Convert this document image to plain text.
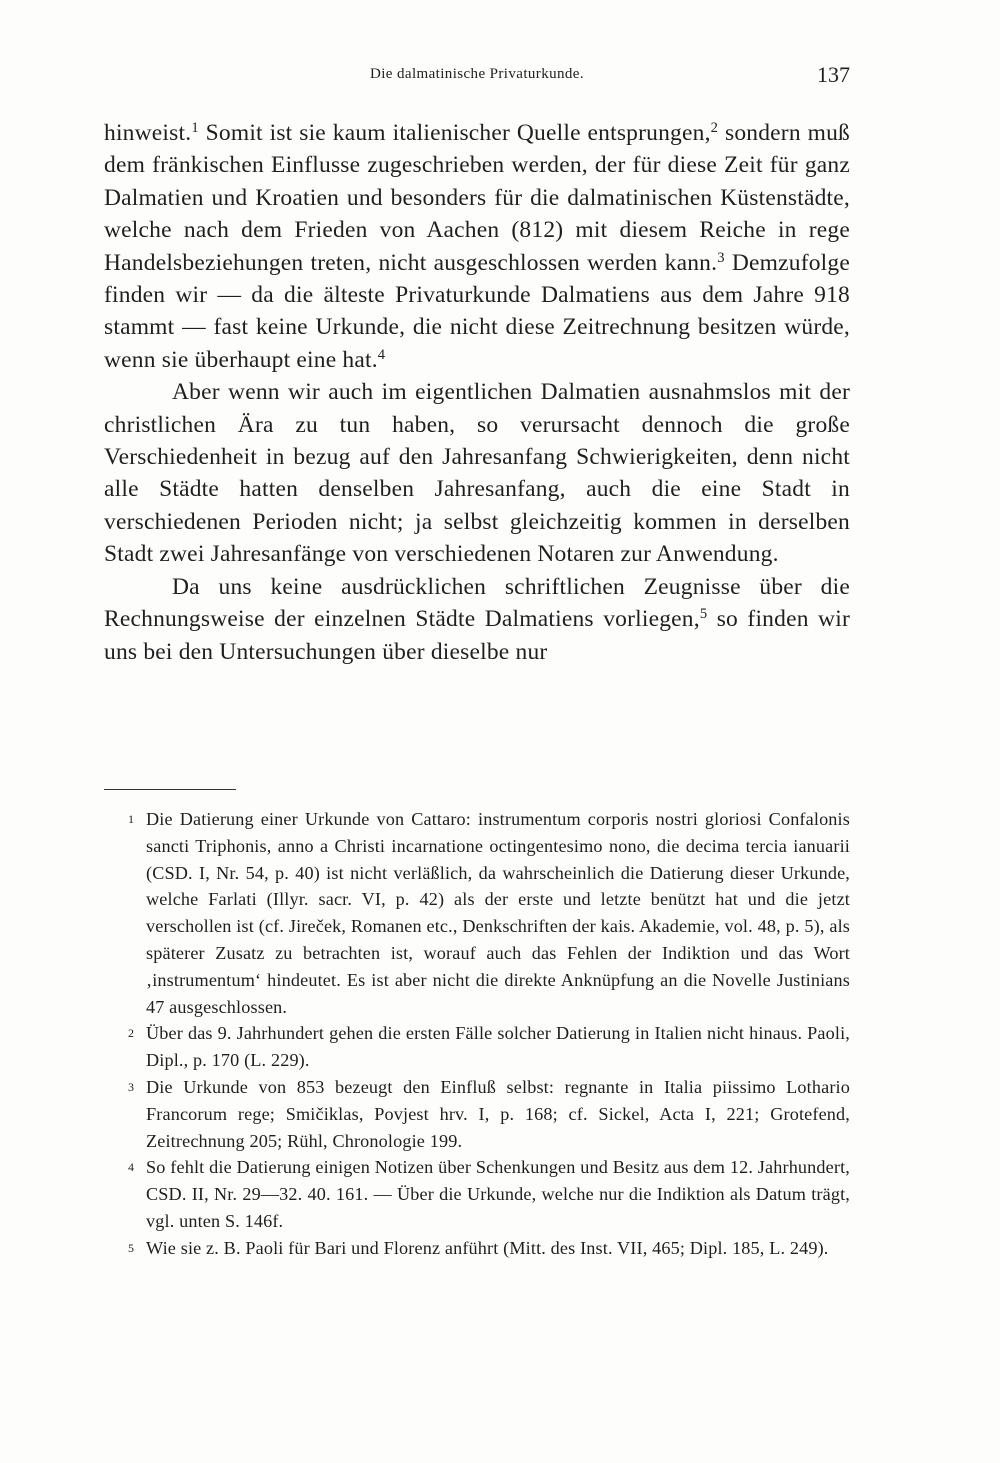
Die dalmatinische Privaturkunde.	137

hinweist.$^1$ Somit ist sie kaum italienischer Quelle entsprungen,$^2$ sondern muß dem fränkischen Einflusse zugeschrieben werden, der für diese Zeit für ganz Dalmatien und Kroatien und besonders für die dalmatinischen Küstenstädte, welche nach dem Frieden von Aachen (812) mit diesem Reiche in rege Handelsbeziehungen treten, nicht ausgeschlossen werden kann.$^3$ Demzufolge finden wir — da die älteste Privaturkunde Dalmatiens aus dem Jahre 918 stammt — fast keine Urkunde, die nicht diese Zeitrechnung besitzen würde, wenn sie überhaupt eine hat.$^4$

Aber wenn wir auch im eigentlichen Dalmatien ausnahmslos mit der christlichen Ära zu tun haben, so verursacht dennoch die große Verschiedenheit in bezug auf den Jahresanfang Schwierigkeiten, denn nicht alle Städte hatten denselben Jahresanfang, auch die eine Stadt in verschiedenen Perioden nicht; ja selbst gleichzeitig kommen in derselben Stadt zwei Jahresanfänge von verschiedenen Notaren zur Anwendung.

Da uns keine ausdrücklichen schriftlichen Zeugnisse über die Rechnungsweise der einzelnen Städte Dalmatiens vorliegen,$^5$ so finden wir uns bei den Untersuchungen über dieselbe nur

1 Die Datierung einer Urkunde von Cattaro: instrumentum corporis nostri gloriosi Confalonis sancti Triphonis, anno a Christi incarnatione octingentesimo nono, die decima tercia ianuarii (CSD. I, Nr. 54, p. 40) ist nicht verläßlich, da wahrscheinlich die Datierung dieser Urkunde, welche Farlati (Illyr. sacr. VI, p. 42) als der erste und letzte benützt hat und die jetzt verschollen ist (cf. Jireček, Romanen etc., Denkschriften der kais. Akademie, vol. 48, p. 5), als späterer Zusatz zu betrachten ist, worauf auch das Fehlen der Indiktion und das Wort ‚instrumentum‘ hindeutet. Es ist aber nicht die direkte Anknüpfung an die Novelle Justinians 47 ausgeschlossen.

2 Über das 9. Jahrhundert gehen die ersten Fälle solcher Datierung in Italien nicht hinaus. Paoli, Dipl., p. 170 (L. 229).

3 Die Urkunde von 853 bezeugt den Einfluß selbst: regnante in Italia piissimo Lothario Francorum rege; Smičiklas, Povjest hrv. I, p. 168; cf. Sickel, Acta I, 221; Grotefend, Zeitrechnung 205; Rühl, Chronologie 199.

4 So fehlt die Datierung einigen Notizen über Schenkungen und Besitz aus dem 12. Jahrhundert, CSD. II, Nr. 29—32. 40. 161. — Über die Urkunde, welche nur die Indiktion als Datum trägt, vgl. unten S. 146f.

5 Wie sie z. B. Paoli für Bari und Florenz anführt (Mitt. des Inst. VII, 465; Dipl. 185, L. 249).
